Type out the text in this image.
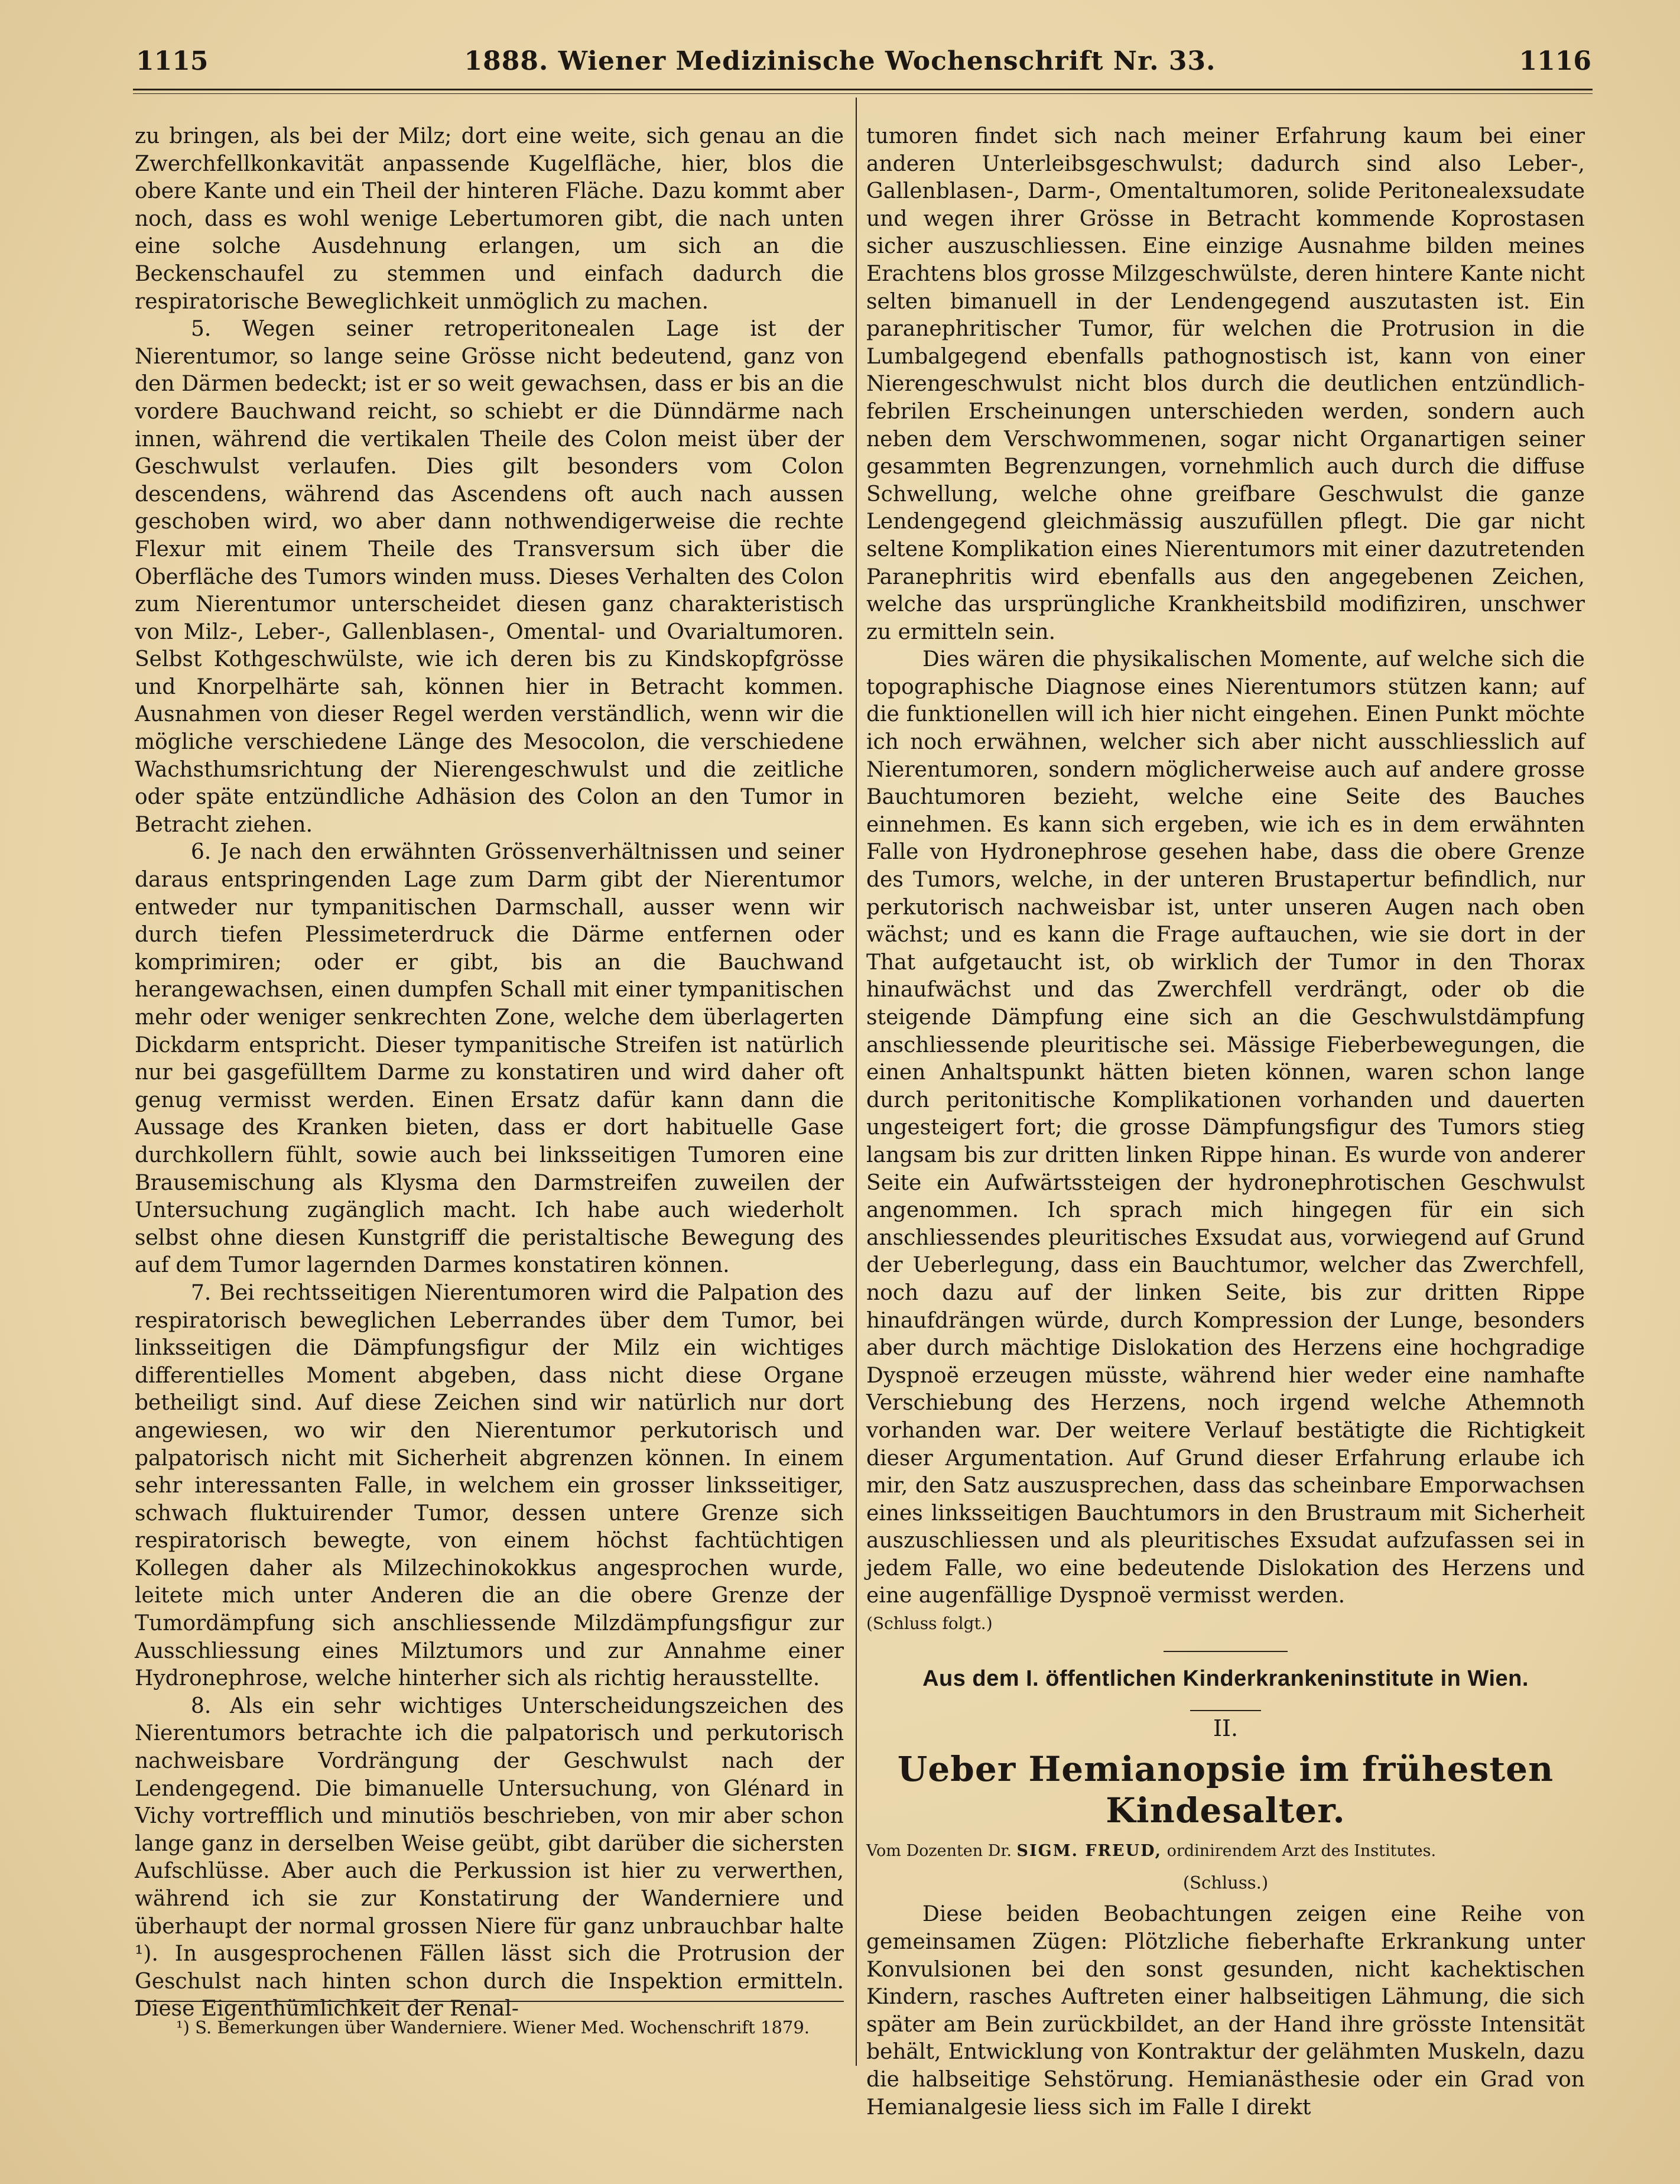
1115	1888. Wiener Medizinische Wochenschrift Nr. 33.	1116

zu bringen, als bei der Milz; dort eine weite, sich genau an die Zwerchfellkonkavität anpassende Kugelfläche, hier, blos die obere Kante und ein Theil der hinteren Fläche. Dazu kommt aber noch, dass es wohl wenige Lebertumoren gibt, die nach unten eine solche Ausdehnung erlangen, um sich an die Beckenschaufel zu stemmen und einfach dadurch die respiratorische Beweglichkeit unmöglich zu machen.

5. Wegen seiner retroperitonealen Lage ist der Nierentumor, so lange seine Grösse nicht bedeutend, ganz von den Därmen bedeckt; ist er so weit gewachsen, dass er bis an die vordere Bauchwand reicht, so schiebt er die Dünndärme nach innen, während die vertikalen Theile des Colon meist über der Geschwulst verlaufen. Dies gilt besonders vom Colon descendens, während das Ascendens oft auch nach aussen geschoben wird, wo aber dann nothwendigerweise die rechte Flexur mit einem Theile des Transversum sich über die Oberfläche des Tumors winden muss. Dieses Verhalten des Colon zum Nierentumor unterscheidet diesen ganz charakteristisch von Milz-, Leber-, Gallenblasen-, Omental- und Ovarialtumoren. Selbst Kothgeschwülste, wie ich deren bis zu Kindskopfgrösse und Knorpelhärte sah, können hier in Betracht kommen. Ausnahmen von dieser Regel werden verständlich, wenn wir die mögliche verschiedene Länge des Mesocolon, die verschiedene Wachsthumsrichtung der Nierengeschwulst und die zeitliche oder späte entzündliche Adhäsion des Colon an den Tumor in Betracht ziehen.

6. Je nach den erwähnten Grössenverhältnissen und seiner daraus entspringenden Lage zum Darm gibt der Nierentumor entweder nur tympanitischen Darmschall, ausser wenn wir durch tiefen Plessimeterdruck die Därme entfernen oder komprimiren; oder er gibt, bis an die Bauchwand herangewachsen, einen dumpfen Schall mit einer tympanitischen mehr oder weniger senkrechten Zone, welche dem überlagerten Dickdarm entspricht. Dieser tympanitische Streifen ist natürlich nur bei gasgefülltem Darme zu konstatiren und wird daher oft genug vermisst werden. Einen Ersatz dafür kann dann die Aussage des Kranken bieten, dass er dort habituelle Gase durchkollern fühlt, sowie auch bei linksseitigen Tumoren eine Brausemischung als Klysma den Darmstreifen zuweilen der Untersuchung zugänglich macht. Ich habe auch wiederholt selbst ohne diesen Kunstgriff die peristaltische Bewegung des auf dem Tumor lagernden Darmes konstatiren können.

7. Bei rechtsseitigen Nierentumoren wird die Palpation des respiratorisch beweglichen Leberrandes über dem Tumor, bei linksseitigen die Dämpfungsfigur der Milz ein wichtiges differentielles Moment abgeben, dass nicht diese Organe betheiligt sind. Auf diese Zeichen sind wir natürlich nur dort angewiesen, wo wir den Nierentumor perkutorisch und palpatorisch nicht mit Sicherheit abgrenzen können. In einem sehr interessanten Falle, in welchem ein grosser linksseitiger, schwach fluktuirender Tumor, dessen untere Grenze sich respiratorisch bewegte, von einem höchst fachtüchtigen Kollegen daher als Milzechinokokkus angesprochen wurde, leitete mich unter Anderen die an die obere Grenze der Tumordämpfung sich anschliessende Milzdämpfungsfigur zur Ausschliessung eines Milztumors und zur Annahme einer Hydronephrose, welche hinterher sich als richtig herausstellte.

8. Als ein sehr wichtiges Unterscheidungszeichen des Nierentumors betrachte ich die palpatorisch und perkutorisch nachweisbare Vordrängung der Geschwulst nach der Lendengegend. Die bimanuelle Untersuchung, von Glénard in Vichy vortrefflich und minutiös beschrieben, von mir aber schon lange ganz in derselben Weise geübt, gibt darüber die sichersten Aufschlüsse. Aber auch die Perkussion ist hier zu verwerthen, während ich sie zur Konstatirung der Wanderniere und überhaupt der normal grossen Niere für ganz unbrauchbar halte ¹). In ausgesprochenen Fällen lässt sich die Protrusion der Geschulst nach hinten schon durch die Inspektion ermitteln. Diese Eigenthümlichkeit der Renal-

¹) S. Bemerkungen über Wanderniere. Wiener Med. Wochenschrift 1879.

tumoren findet sich nach meiner Erfahrung kaum bei einer anderen Unterleibsgeschwulst; dadurch sind also Leber-, Gallenblasen-, Darm-, Omentaltumoren, solide Peritonealexsudate und wegen ihrer Grösse in Betracht kommende Koprostasen sicher auszuschliessen. Eine einzige Ausnahme bilden meines Erachtens blos grosse Milzgeschwülste, deren hintere Kante nicht selten bimanuell in der Lendengegend auszutasten ist. Ein paranephritischer Tumor, für welchen die Protrusion in die Lumbalgegend ebenfalls pathognostisch ist, kann von einer Nierengeschwulst nicht blos durch die deutlichen entzündlich-febrilen Erscheinungen unterschieden werden, sondern auch neben dem Verschwommenen, sogar nicht Organartigen seiner gesammten Begrenzungen, vornehmlich auch durch die diffuse Schwellung, welche ohne greifbare Geschwulst die ganze Lendengegend gleichmässig auszufüllen pflegt. Die gar nicht seltene Komplikation eines Nierentumors mit einer dazutretenden Paranephritis wird ebenfalls aus den angegebenen Zeichen, welche das ursprüngliche Krankheitsbild modifiziren, unschwer zu ermitteln sein.

Dies wären die physikalischen Momente, auf welche sich die topographische Diagnose eines Nierentumors stützen kann; auf die funktionellen will ich hier nicht eingehen. Einen Punkt möchte ich noch erwähnen, welcher sich aber nicht ausschliesslich auf Nierentumoren, sondern möglicherweise auch auf andere grosse Bauchtumoren bezieht, welche eine Seite des Bauches einnehmen. Es kann sich ergeben, wie ich es in dem erwähnten Falle von Hydronephrose gesehen habe, dass die obere Grenze des Tumors, welche, in der unteren Brustapertur befindlich, nur perkutorisch nachweisbar ist, unter unseren Augen nach oben wächst; und es kann die Frage auftauchen, wie sie dort in der That aufgetaucht ist, ob wirklich der Tumor in den Thorax hinaufwächst und das Zwerchfell verdrängt, oder ob die steigende Dämpfung eine sich an die Geschwulstdämpfung anschliessende pleuritische sei. Mässige Fieberbewegungen, die einen Anhaltspunkt hätten bieten können, waren schon lange durch peritonitische Komplikationen vorhanden und dauerten ungesteigert fort; die grosse Dämpfungsfigur des Tumors stieg langsam bis zur dritten linken Rippe hinan. Es wurde von anderer Seite ein Aufwärtssteigen der hydronephrotischen Geschwulst angenommen. Ich sprach mich hingegen für ein sich anschliessendes pleuritisches Exsudat aus, vorwiegend auf Grund der Ueberlegung, dass ein Bauchtumor, welcher das Zwerchfell, noch dazu auf der linken Seite, bis zur dritten Rippe hinaufdrängen würde, durch Kompression der Lunge, besonders aber durch mächtige Dislokation des Herzens eine hochgradige Dyspnoë erzeugen müsste, während hier weder eine namhafte Verschiebung des Herzens, noch irgend welche Athemnoth vorhanden war. Der weitere Verlauf bestätigte die Richtigkeit dieser Argumentation. Auf Grund dieser Erfahrung erlaube ich mir, den Satz auszusprechen, dass das scheinbare Emporwachsen eines linksseitigen Bauchtumors in den Brustraum mit Sicherheit auszuschliessen und als pleuritisches Exsudat aufzufassen sei in jedem Falle, wo eine bedeutende Dislokation des Herzens und eine augenfällige Dyspnoë vermisst werden.

(Schluss folgt.)

Aus dem I. öffentlichen Kinderkrankeninstitute in Wien.
II.
Ueber Hemianopsie im frühesten Kindesalter.
Vom Dozenten Dr. SIGM. FREUD, ordinirendem Arzt des Institutes.
(Schluss.)

Diese beiden Beobachtungen zeigen eine Reihe von gemeinsamen Zügen: Plötzliche fieberhafte Erkrankung unter Konvulsionen bei den sonst gesunden, nicht kachektischen Kindern, rasches Auftreten einer halbseitigen Lähmung, die sich später am Bein zurückbildet, an der Hand ihre grösste Intensität behält, Entwicklung von Kontraktur der gelähmten Muskeln, dazu die halbseitige Sehstörung. Hemianästhesie oder ein Grad von Hemianalgesie liess sich im Falle I direkt
